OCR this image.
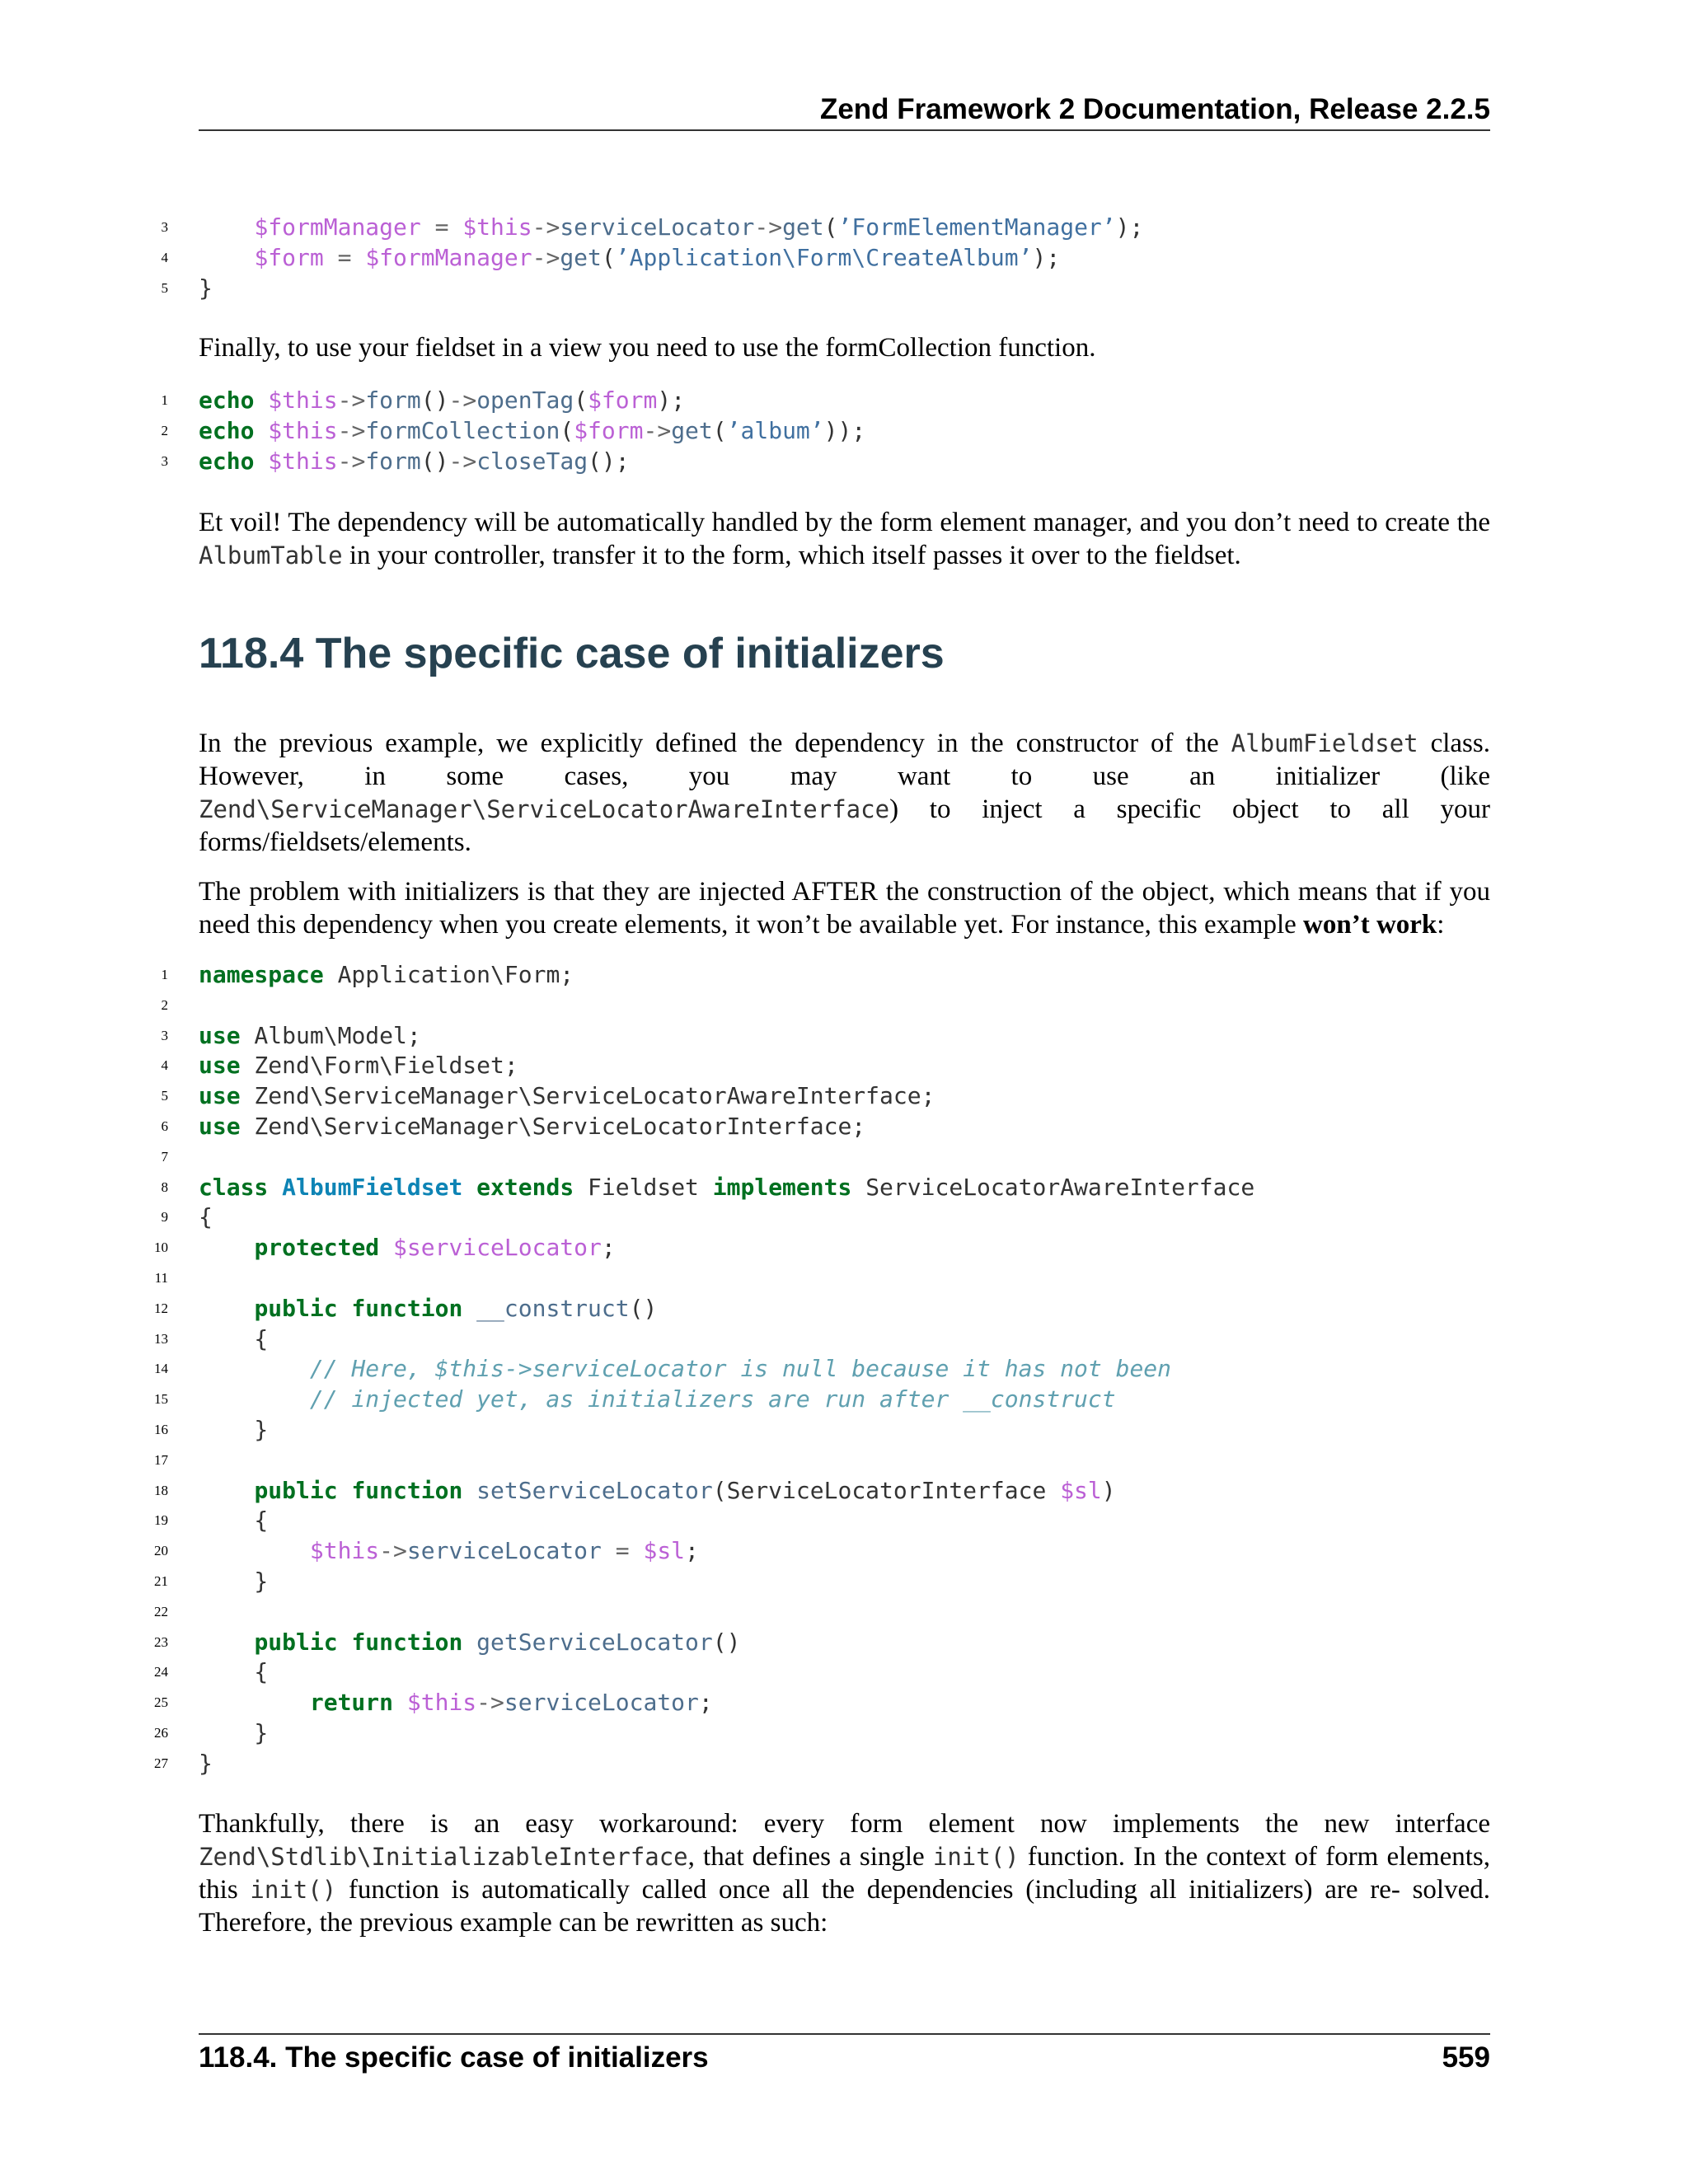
Zend Framework 2 Documentation, Release 2.2.5
3	$formManager = $this->serviceLocator->get(’FormElementManager’);
4	$form = $formManager->get(’Application\Form\CreateAlbum’);
5 }
Finally, to use your fieldset in a view you need to use the formCollection function.
1 echo $this->form()->openTag($form);
2 echo $this->formCollection($form->get(’album’));
3 echo $this->form()->closeTag();
Et voil! The dependency will be automatically handled by the form element manager, and you don’t need to create the AlbumTable in your controller, transfer it to the form, which itself passes it over to the fieldset.
118.4 The specific case of initializers
In the previous example, we explicitly defined the dependency in the constructor of the AlbumFieldset class. However, in some cases, you may want to use an initializer (like Zend\ServiceManager\ServiceLocatorAwareInterface) to inject a specific object to all your forms/fieldsets/elements.
The problem with initializers is that they are injected AFTER the construction of the object, which means that if you need this dependency when you create elements, it won’t be available yet. For instance, this example won’t work:
1 namespace Application\Form;
2
3 use Album\Model;
4 use Zend\Form\Fieldset;
5 use Zend\ServiceManager\ServiceLocatorAwareInterface;
6 use Zend\ServiceManager\ServiceLocatorInterface;
7
8 class AlbumFieldset extends Fieldset implements ServiceLocatorAwareInterface
9 {
10	protected $serviceLocator;
11
12	public function __construct()
13 {
14	// Here, $this->serviceLocator is null because it has not been
15	// injected yet, as initializers are run after __construct
16 }
17
18	public function setServiceLocator(ServiceLocatorInterface $sl)
19 {
20	$this->serviceLocator = $sl;
21 }
22
23	public function getServiceLocator()
24 {
25	return $this->serviceLocator;
26 }
27 }
Thankfully, there is an easy workaround: every form element now implements the new interface Zend\Stdlib\InitializableInterface, that defines a single init() function. In the context of form elements, this init() function is automatically called once all the dependencies (including all initializers) are re- solved. Therefore, the previous example can be rewritten as such:
118.4. The specific case of initializers	559
